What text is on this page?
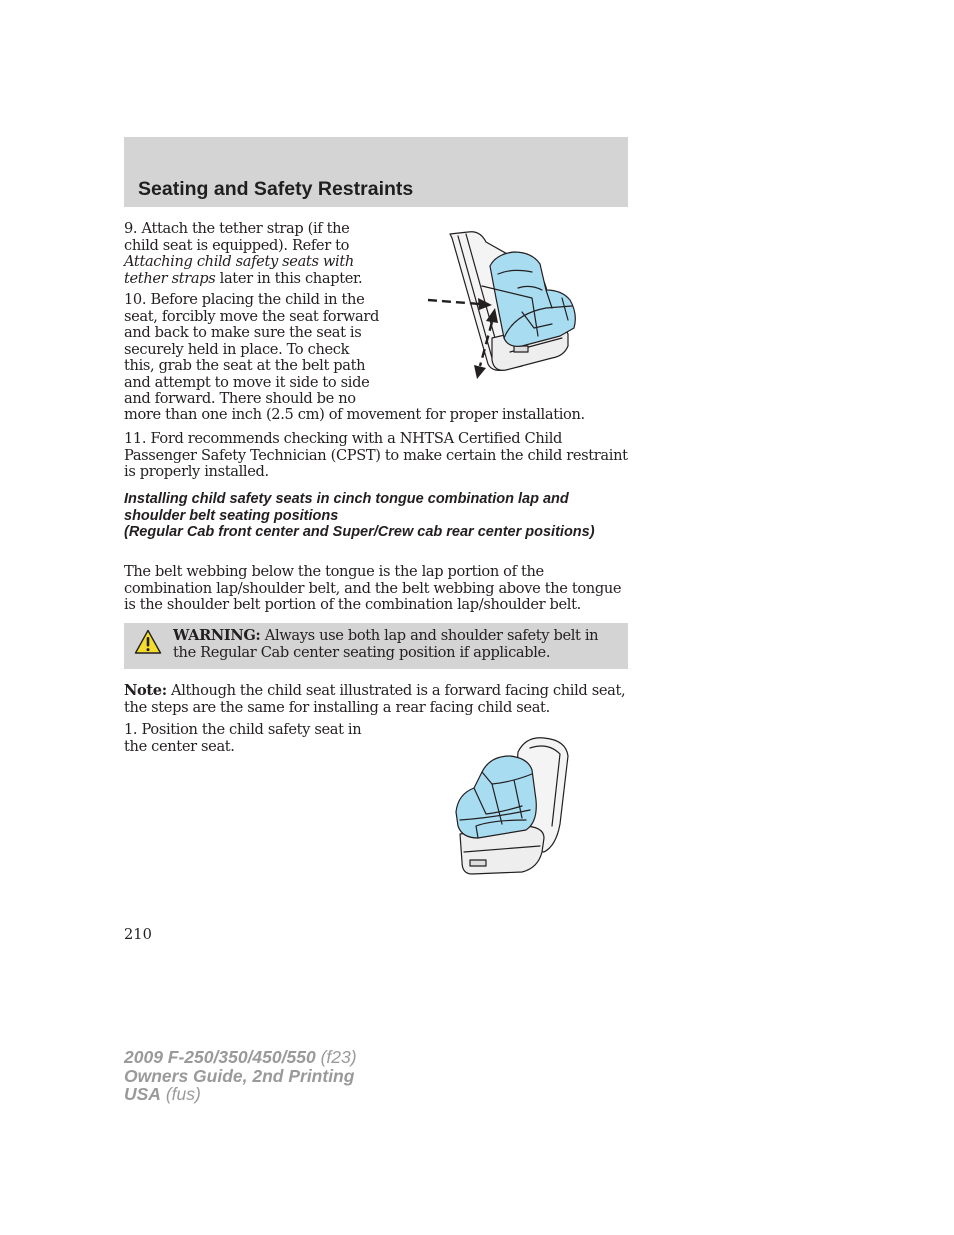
Seating and Safety Restraints

9. Attach the tether strap (if the child seat is equipped). Refer to Attaching child safety seats with tether straps later in this chapter.

10. Before placing the child in the seat, forcibly move the seat forward and back to make sure the seat is securely held in place. To check this, grab the seat at the belt path and attempt to move it side to side and forward. There should be no

more than one inch (2.5 cm) of movement for proper installation.

11. Ford recommends checking with a NHTSA Certified Child Passenger Safety Technician (CPST) to make certain the child restraint is properly installed.

Installing child safety seats in cinch tongue combination lap and shoulder belt seating positions
(Regular Cab front center and Super/Crew cab rear center positions)

The belt webbing below the tongue is the lap portion of the combination lap/shoulder belt, and the belt webbing above the tongue is the shoulder belt portion of the combination lap/shoulder belt.

WARNING: Always use both lap and shoulder safety belt in the Regular Cab center seating position if applicable.

Note: Although the child seat illustrated is a forward facing child seat, the steps are the same for installing a rear facing child seat.

1. Position the child safety seat in the center seat.

210

2009 F-250/350/450/550 (f23)
Owners Guide, 2nd Printing
USA (fus)
